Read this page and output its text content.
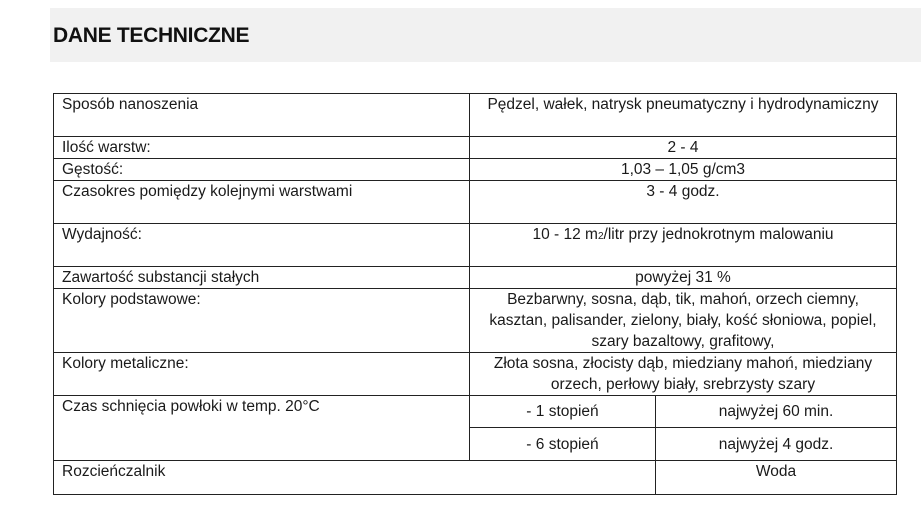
DANE TECHNICZNE
Sposób nanoszenia	Pędzel, wałek, natrysk pneumatyczny i hydrodynamiczny	

Ilość warstw:	2 - 4	
Gęstość:	1,03 – 1,05 g/cm3	

Czasokres pomiędzy kolejnymi warstwami	3 - 4 godz.	
Wydajność:	10 - 12 m2/litr przy jednokrotnym malowaniu	

Zawartość substancji stałych	powyżej 31 %	
Kolory podstawowe:	Bezbarwny, sosna, dąb, tik, mahoń, orzech ciemny, kasztan, palisander, zielony, biały, kość słoniowa, popiel, szary bazaltowy, grafitowy,	

Kolory metaliczne:	Złota sosna, złocisty dąb, miedziany mahoń, miedziany orzech, perłowy biały, srebrzysty szary	

Czas schnięcia powłoki w temp. 20°C	- 1 stopień	najwyżej 60 min.
	- 6 stopień	najwyżej 4 godz.
Rozcieńczalnik		Woda
